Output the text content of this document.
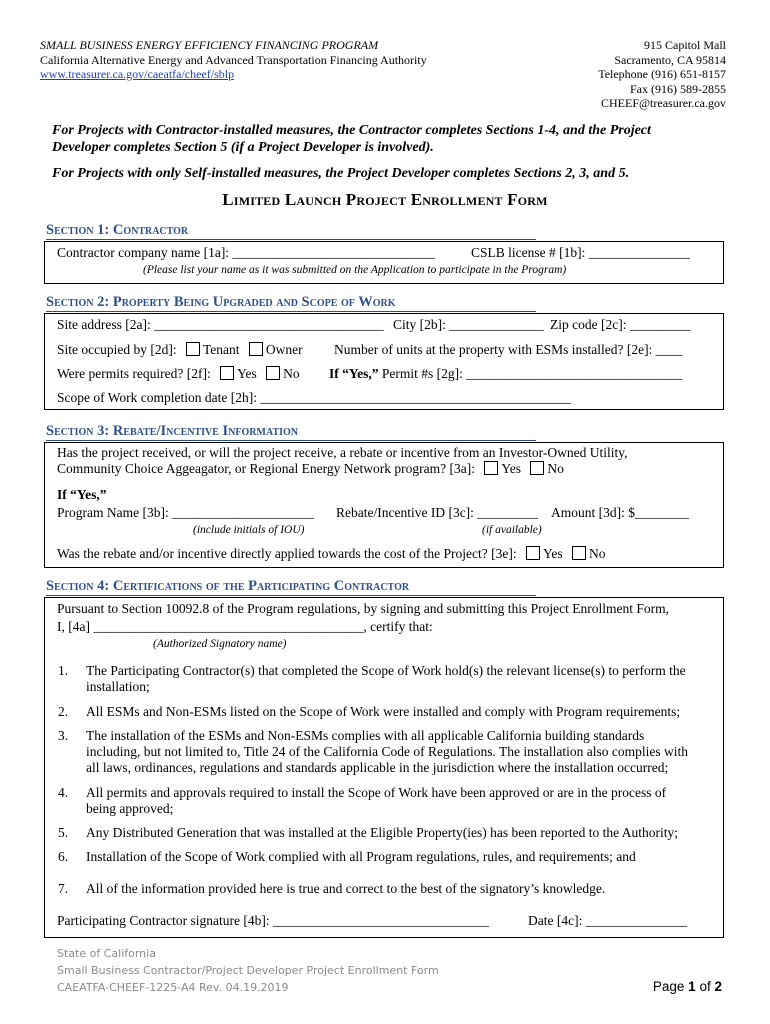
SMALL BUSINESS ENERGY EFFICIENCY FINANCING PROGRAM
California Alternative Energy and Advanced Transportation Financing Authority
www.treasurer.ca.gov/caeatfa/cheef/sblp
915 Capitol Mall
Sacramento, CA 95814
Telephone (916) 651-8157
Fax (916) 589-2855
CHEEF@treasurer.ca.gov
For Projects with Contractor-installed measures, the Contractor completes Sections 1-4, and the Project
Developer completes Section 5 (if a Project Developer is involved).
For Projects with only Self-installed measures, the Project Developer completes Sections 2, 3, and 5.
Limited Launch Project Enrollment Form
Section 1: Contractor
Contractor company name [1a]: ______________________________	CSLB license # [1b]: _______________
(Please list your name as it was submitted on the Application to participate in the Program)
Section 2: Property Being Upgraded and Scope of Work
Site address [2a]: __________________________________ City [2b]: ______________ Zip code [2c]: _________
Site occupied by [2d]: Tenant Owner Number of units at the property with ESMs installed? [2e]: ____
Were permits required? [2f]: Yes No If “Yes,” Permit #s [2g]: ________________________________
Scope of Work completion date [2h]: ______________________________________________
Section 3: Rebate/Incentive Information
Has the project received, or will the project receive, a rebate or incentive from an Investor-Owned Utility,
Community Choice Aggeagator, or Regional Energy Network program? [3a]: Yes No
If “Yes,”
Program Name [3b]: _____________________ Rebate/Incentive ID [3c]: _________ Amount [3d]: $________
(include initials of IOU)	(if available)
Was the rebate and/or incentive directly applied towards the cost of the Project? [3e]: Yes No
Section 4: Certifications of the Participating Contractor
Pursuant to Section 10092.8 of the Program regulations, by signing and submitting this Project Enrollment Form,
I, [4a] ________________________________________, certify that:
(Authorized Signatory name)
1. The Participating Contractor(s) that completed the Scope of Work hold(s) the relevant license(s) to perform the
installation;
2. All ESMs and Non-ESMs listed on the Scope of Work were installed and comply with Program requirements;
3. The installation of the ESMs and Non-ESMs complies with all applicable California building standards
including, but not limited to, Title 24 of the California Code of Regulations. The installation also complies with
all laws, ordinances, regulations and standards applicable in the jurisdiction where the installation occurred;
4. All permits and approvals required to install the Scope of Work have been approved or are in the process of
being approved;
5. Any Distributed Generation that was installed at the Eligible Property(ies) has been reported to the Authority;
6. Installation of the Scope of Work complied with all Program regulations, rules, and requirements; and
7. All of the information provided here is true and correct to the best of the signatory’s knowledge.
Participating Contractor signature [4b]: ________________________________	Date [4c]: _______________
State of California
Small Business Contractor/Project Developer Project Enrollment Form
CAEATFA-CHEEF-1225-A4 Rev. 04.19.2019	Page 1 of 2
